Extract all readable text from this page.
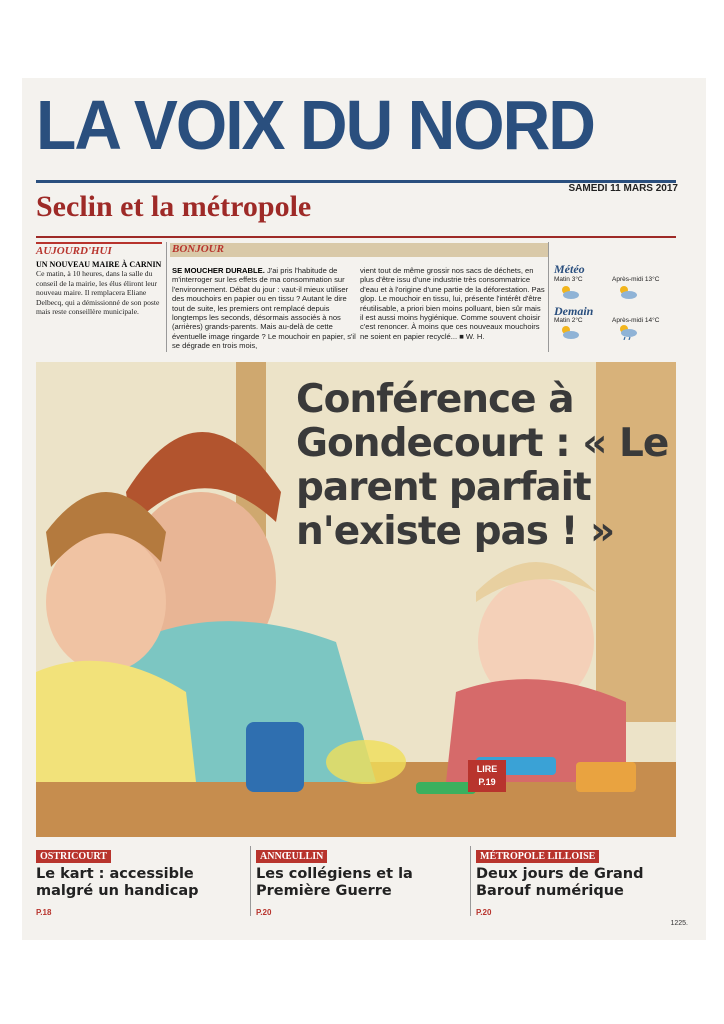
LA VOIX DU NORD
SAMEDI 11 MARS 2017
Seclin et la métropole
AUJOURD'HUI
UN NOUVEAU MAIRE À CARNIN
Ce matin, à 10 heures, dans la salle du conseil de la mairie, les élus éliront leur nouveau maire. Il remplacera Eliane Delbecq, qui a démissionné de son poste mais reste conseillère municipale.
BONJOUR
SE MOUCHER DURABLE. J'ai pris l'habitude de m'interroger sur les effets de ma consommation sur l'environnement. Débat du jour : vaut-il mieux utiliser des mouchoirs en papier ou en tissu ? Autant le dire tout de suite, les premiers ont remplacé depuis longtemps les seconds, désormais associés à nos (arrières) grands-parents. Mais au-delà de cette éventuelle image ringarde ? Le mouchoir en papier, s'il se dégrade en trois mois,
vient tout de même grossir nos sacs de déchets, en plus d'être issu d'une industrie très consommatrice d'eau et à l'origine d'une partie de la déforestation. Pas glop. Le mouchoir en tissu, lui, présente l'intérêt d'être réutilisable, a priori bien moins polluant, bien sûr mais il est aussi moins hygiénique. Comme souvent choisir c'est renoncer. À moins que ces nouveaux mouchoirs ne soient en papier recyclé... ■ W. H.
Météo
Matin 3°C	Après-midi 13°C
Demain
Matin 2°C	Après-midi 14°C
Conférence à Gondecourt : « Le parent parfait n'existe pas ! »
LIRE
P.19
OSTRICOURT
Le kart : accessible malgré un handicap
P.18
ANNŒULLIN
Les collégiens et la Première Guerre
P.20
MÉTROPOLE LILLOISE
Deux jours de Grand Barouf numérique
P.20
1225.
